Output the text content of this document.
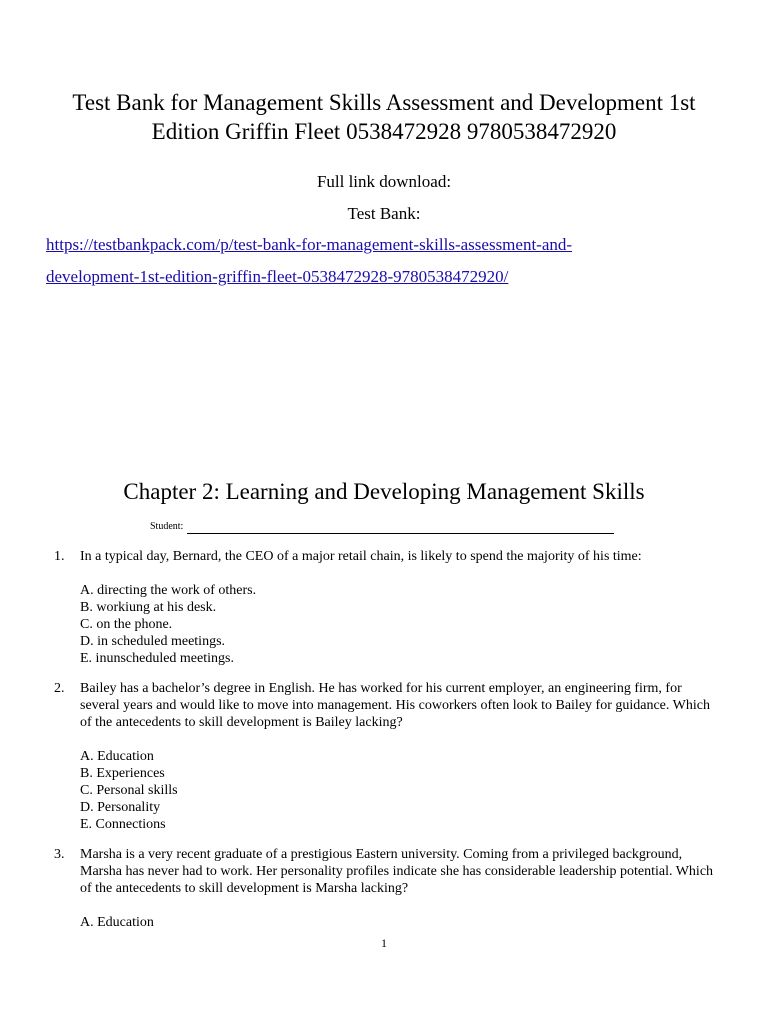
Test Bank for Management Skills Assessment and Development 1st
Edition Griffin Fleet 0538472928 9780538472920
Full link download:
Test Bank:
https://testbankpack.com/p/test-bank-for-management-skills-assessment-and-
development-1st-edition-griffin-fleet-0538472928-9780538472920/
Chapter 2: Learning and Developing Management Skills
Student:
1. In a typical day, Bernard, the CEO of a major retail chain, is likely to spend the majority of his time:
A. directing the work of others.
B. workiung at his desk.
C. on the phone.
D. in scheduled meetings.
E. inunscheduled meetings.
2. Bailey has a bachelor’s degree in English. He has worked for his current employer, an engineering firm, for several years and would like to move into management. His coworkers often look to Bailey for guidance. Which of the antecedents to skill development is Bailey lacking?
A. Education
B. Experiences
C. Personal skills
D. Personality
E. Connections
3. Marsha is a very recent graduate of a prestigious Eastern university. Coming from a privileged background, Marsha has never had to work. Her personality profiles indicate she has considerable leadership potential. Which of the antecedents to skill development is Marsha lacking?
A. Education
1
